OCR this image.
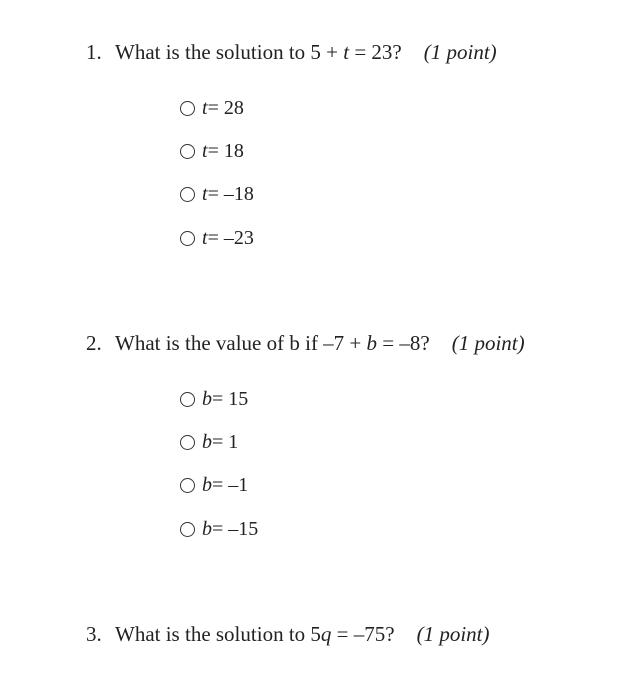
1. What is the solution to 5 + t = 23? (1 point)
t = 28
t = 18
t = –18
t = –23
2. What is the value of b if –7 + b = –8? (1 point)
b = 15
b = 1
b = –1
b = –15
3. What is the solution to 5q = –75? (1 point)
